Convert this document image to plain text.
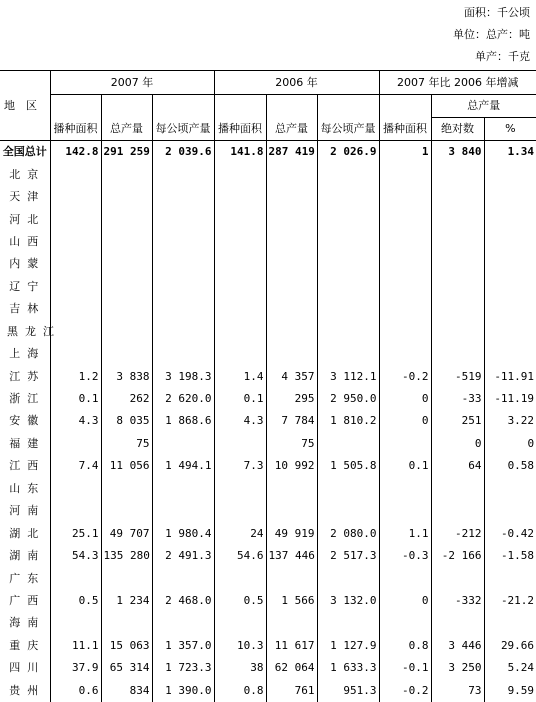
面积：千公顷
单位：总产：吨
单产：千克
地　区	2007 年			2006 年			2007 年比 2006 年增减		
								总产量	
	播种面积	总产量	每公顷产量	播种面积	总产量	每公顷产量	播种面积	绝对数	%
全国总计	142.8	291 259	2 039.6	141.8	287 419	2 026.9	1	3 840	1.34
北京									
天津									
河北									
山西									
内蒙									
辽宁									
吉林									
黑龙江									
上海									
江苏	1.2	3 838	3 198.3	1.4	4 357	3 112.1	-0.2	-519	-11.91
浙江	0.1	262	2 620.0	0.1	295	2 950.0	0	-33	-11.19
安徽	4.3	8 035	1 868.6	4.3	7 784	1 810.2	0	251	3.22
福建		75			75			0	0
江西	7.4	11 056	1 494.1	7.3	10 992	1 505.8	0.1	64	0.58
山东									
河南									
湖北	25.1	49 707	1 980.4	24	49 919	2 080.0	1.1	-212	-0.42
湖南	54.3	135 280	2 491.3	54.6	137 446	2 517.3	-0.3	-2 166	-1.58
广东									
广西	0.5	1 234	2 468.0	0.5	1 566	3 132.0	0	-332	-21.2
海南									
重庆	11.1	15 063	1 357.0	10.3	11 617	1 127.9	0.8	3 446	29.66
四川	37.9	65 314	1 723.3	38	62 064	1 633.3	-0.1	3 250	5.24
贵州	0.6	834	1 390.0	0.8	761	951.3	-0.2	73	9.59
